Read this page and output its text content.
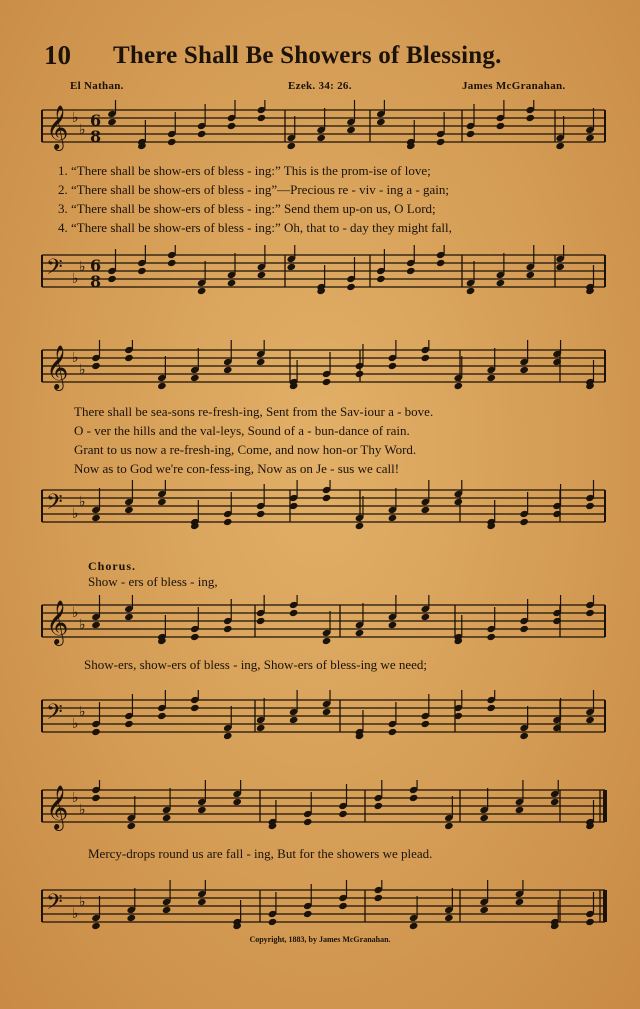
10 There Shall Be Showers of Blessing.
El Nathan.	Ezek. 34: 26.	James McGranahan.
𝄞 ♭
♭ 6
8
𝄢 ♭
♭ 6
8
1. “There shall be show-ers of bless - ing:” This is the prom-ise of love;
2. “There shall be show-ers of bless - ing”—Precious re - viv - ing a - gain;
3. “There shall be show-ers of bless - ing:” Send them up-on us, O Lord;
4. “There shall be show-ers of bless - ing:” Oh, that to - day they might fall,
𝄞 ♭
♭
𝄢 ♭
♭
There shall be sea-sons re-fresh-ing, Sent from the Sav-iour a - bove.
O - ver the hills and the val-leys, Sound of a - bun-dance of rain.
Grant to us now a re-fresh-ing, Come, and now hon-or Thy Word.
Now as to God we're con-fess-ing, Now as on Je - sus we call!
Chorus.
Show - ers of bless - ing,
𝄞 ♭
♭
Show-ers, show-ers of bless - ing, Show-ers of bless-ing we need;
𝄢 ♭
♭
𝄞 ♭
♭
Mercy-drops round us are fall - ing, But for the showers we plead.
𝄢 ♭
♭
Copyright, 1883, by James McGranahan.
